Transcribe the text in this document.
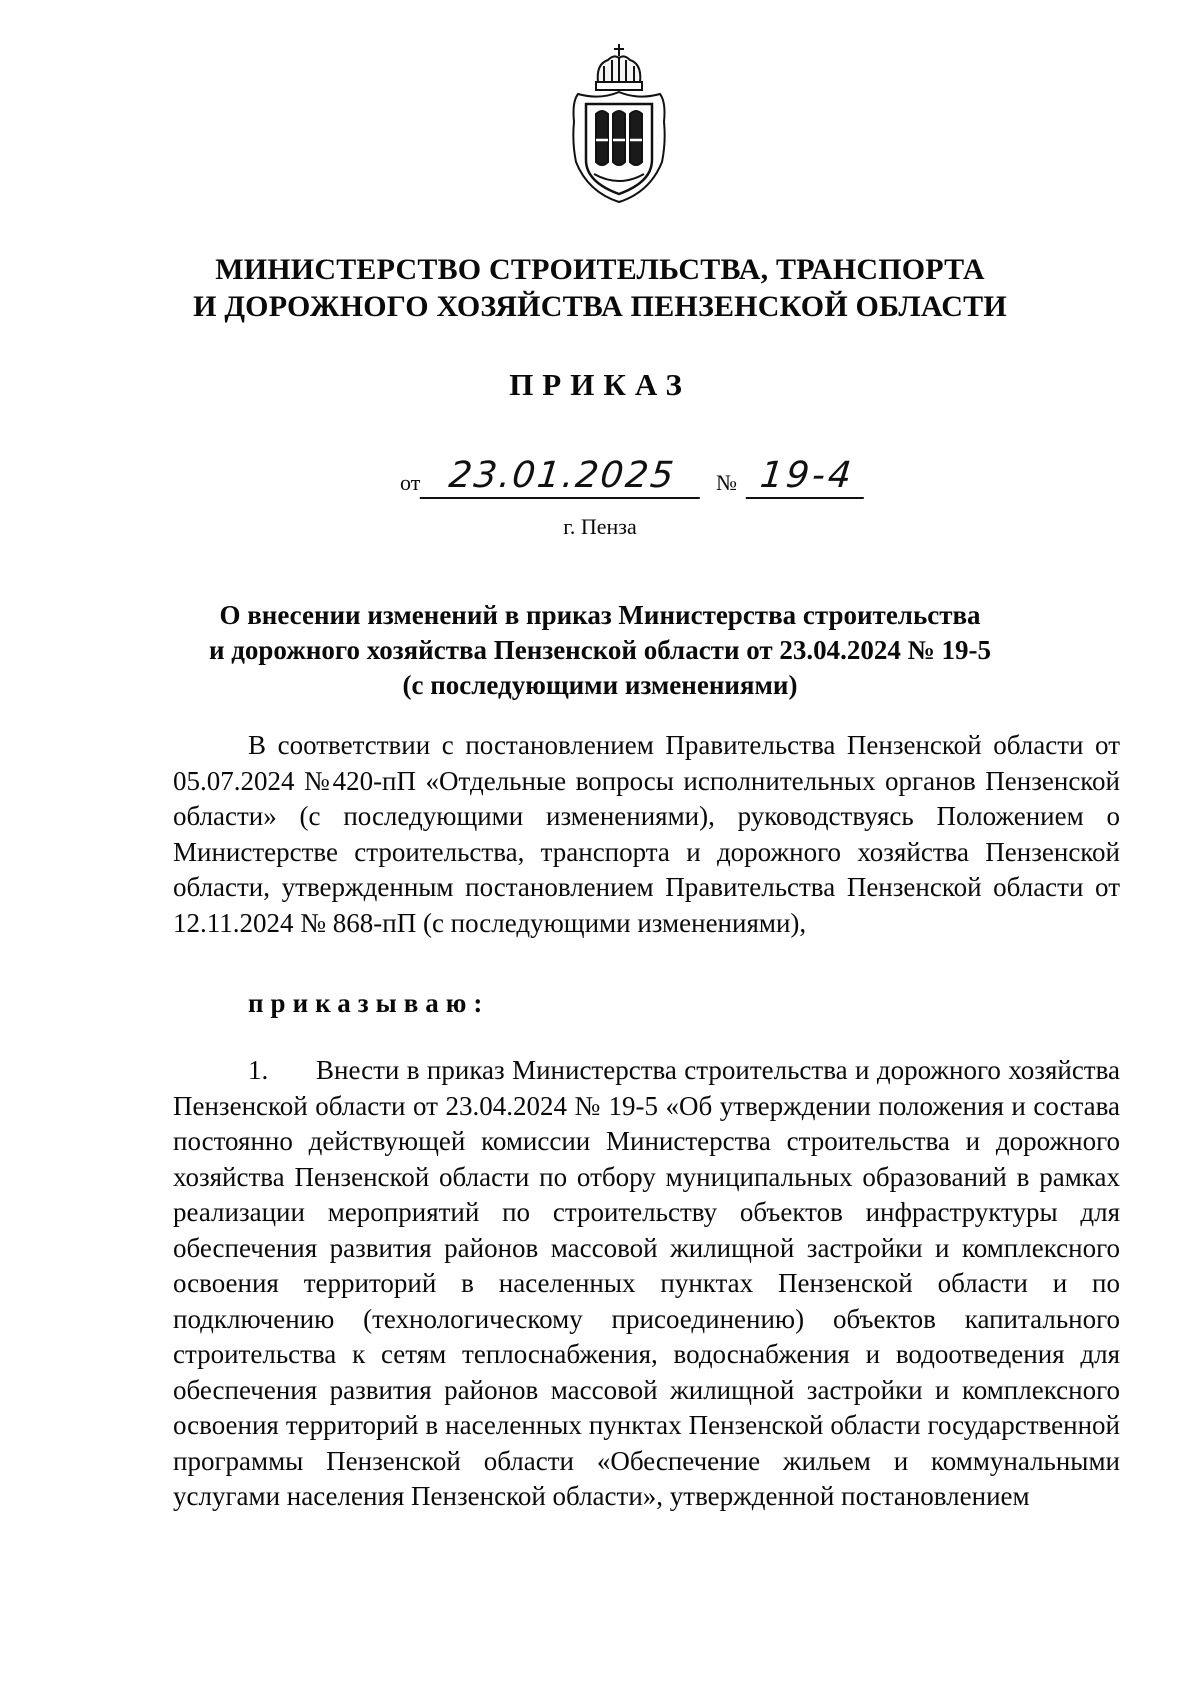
МИНИСТЕРСТВО СТРОИТЕЛЬСТВА, ТРАНСПОРТА
И ДОРОЖНОГО ХОЗЯЙСТВА ПЕНЗЕНСКОЙ ОБЛАСТИ
ПРИКАЗ
от 23.01.2025	№ 19-4
г. Пенза
О внесении изменений в приказ Министерства строительства
и дорожного хозяйства Пензенской области от 23.04.2024 № 19-5
(с последующими изменениями)
В соответствии с постановлением Правительства Пензенской области от 05.07.2024 №420-пП «Отдельные вопросы исполнительных органов Пензенской области» (с последующими изменениями), руководствуясь Положением о Министерстве строительства, транспорта и дорожного хозяйства Пензенской области, утвержденным постановлением Правительства Пензенской области от 12.11.2024 № 868-пП (с последующими изменениями),
приказываю:
1. Внести в приказ Министерства строительства и дорожного хозяйства Пензенской области от 23.04.2024 № 19-5 «Об утверждении положения и состава постоянно действующей комиссии Министерства строительства и дорожного хозяйства Пензенской области по отбору муниципальных образований в рамках реализации мероприятий по строительству объектов инфраструктуры для обеспечения развития районов массовой жилищной застройки и комплексного освоения территорий в населенных пунктах Пензенской области и по подключению (технологическому присоединению) объектов капитального строительства к сетям теплоснабжения, водоснабжения и водоотведения для обеспечения развития районов массовой жилищной застройки и комплексного освоения территорий в населенных пунктах Пензенской области государственной программы Пензенской области «Обеспечение жильем и коммунальными услугами населения Пензенской области», утвержденной постановлением
